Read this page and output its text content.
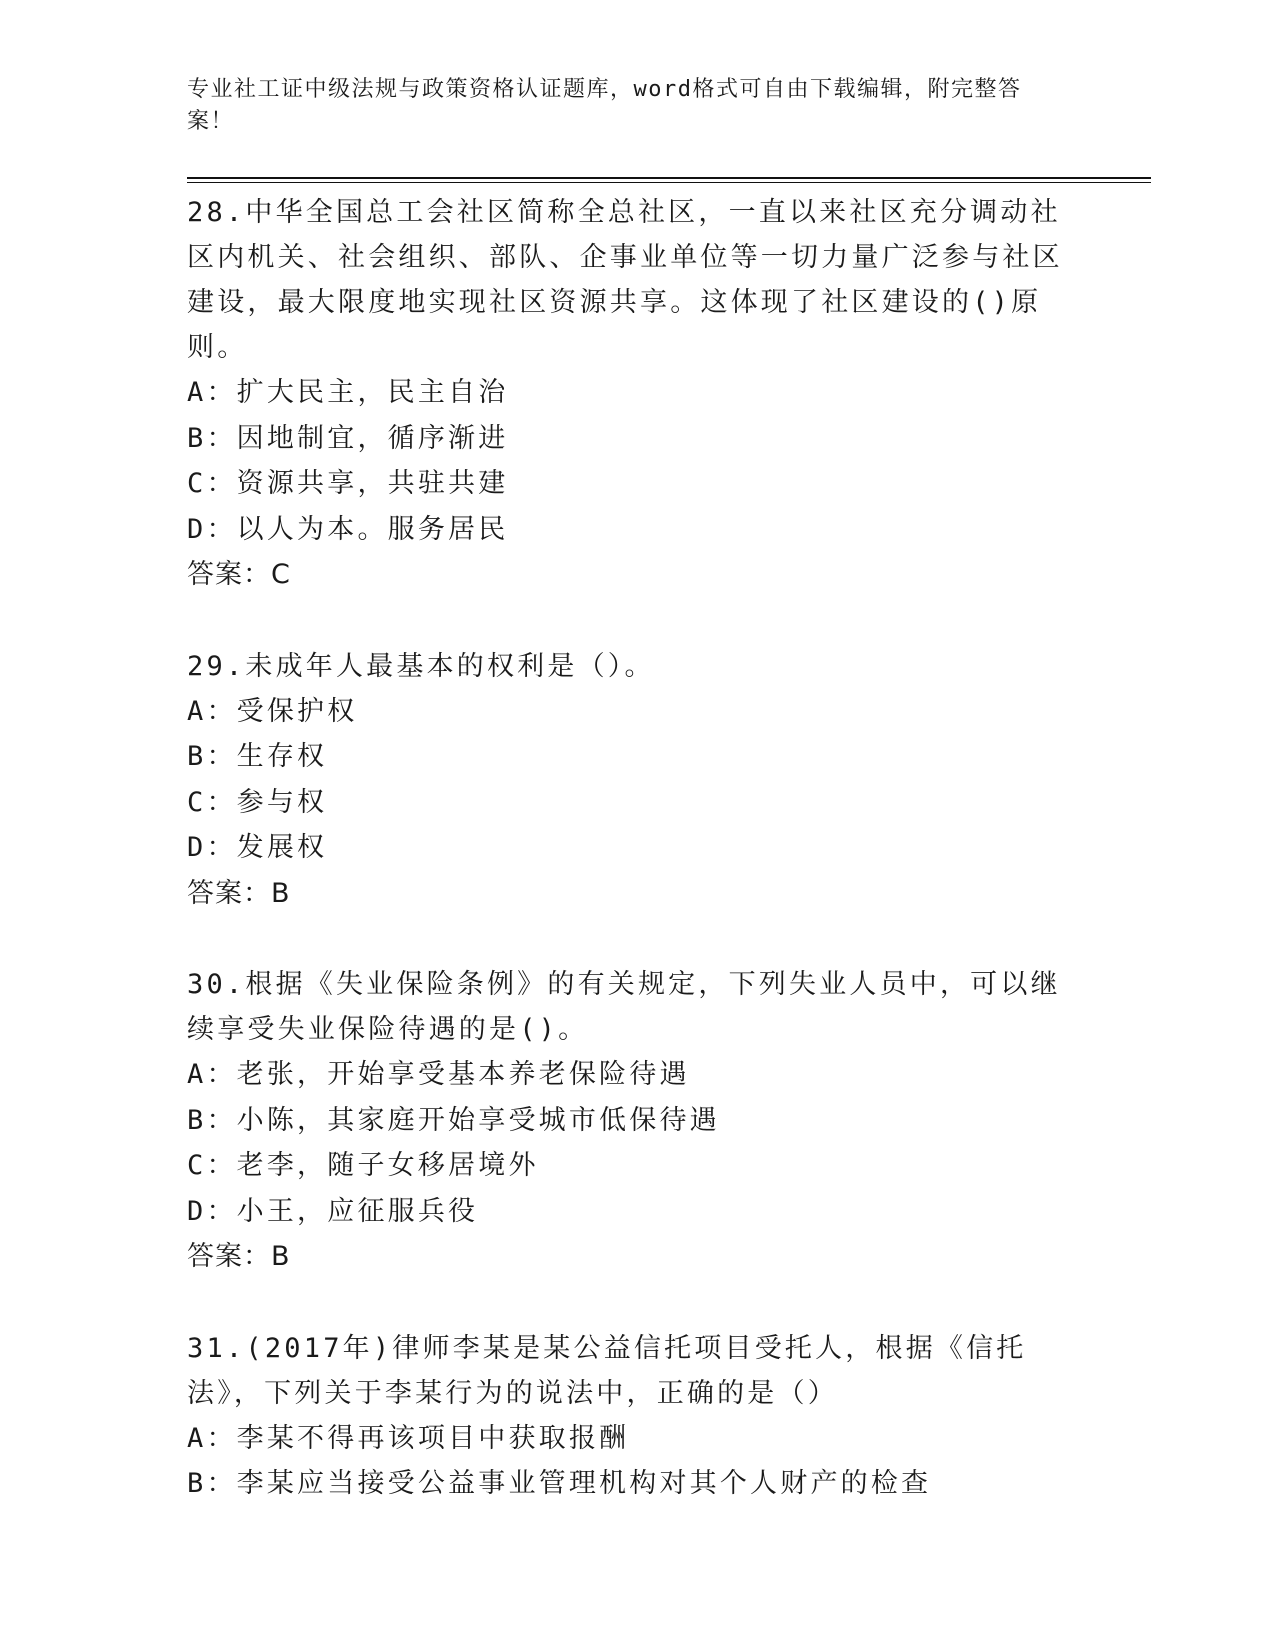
专业社工证中级法规与政策资格认证题库，word格式可自由下载编辑，附完整答案！

28.中华全国总工会社区简称全总社区，一直以来社区充分调动社区内机关、社会组织、部队、企事业单位等一切力量广泛参与社区建设，最大限度地实现社区资源共享。这体现了社区建设的()原则。

A：扩大民主，民主自治

B：因地制宜，循序渐进

C：资源共享，共驻共建

D：以人为本。服务居民

答案：C

29.未成年人最基本的权利是（）。

A：受保护权

B：生存权

C：参与权

D：发展权

答案：B

30.根据《失业保险条例》的有关规定，下列失业人员中，可以继续享受失业保险待遇的是()。

A：老张，开始享受基本养老保险待遇

B：小陈，其家庭开始享受城市低保待遇

C：老李，随子女移居境外

D：小王，应征服兵役

答案：B

31.(2017年)律师李某是某公益信托项目受托人，根据《信托法》，下列关于李某行为的说法中，正确的是（）

A：李某不得再该项目中获取报酬

B：李某应当接受公益事业管理机构对其个人财产的检查
